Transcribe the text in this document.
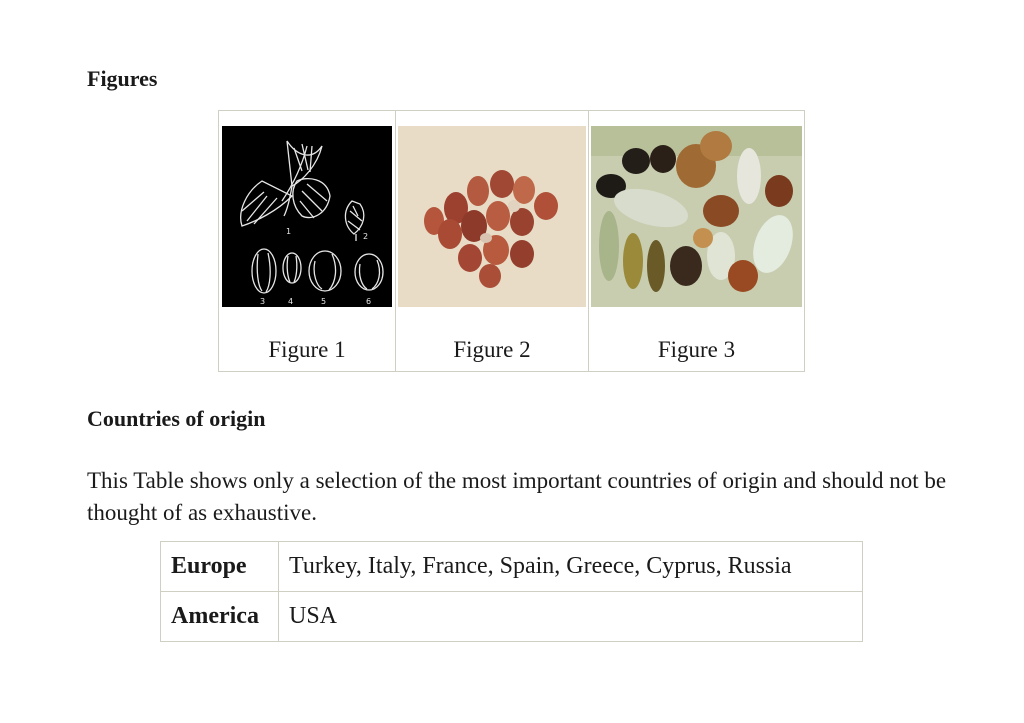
Figures
1
2
3	4	5	6
Figure 1	Figure 2	Figure 3
Countries of origin

This Table shows only a selection of the most important countries of origin and should not be thought of as exhaustive.

Europe	Turkey, Italy, France, Spain, Greece, Cyprus, Russia
America	USA
